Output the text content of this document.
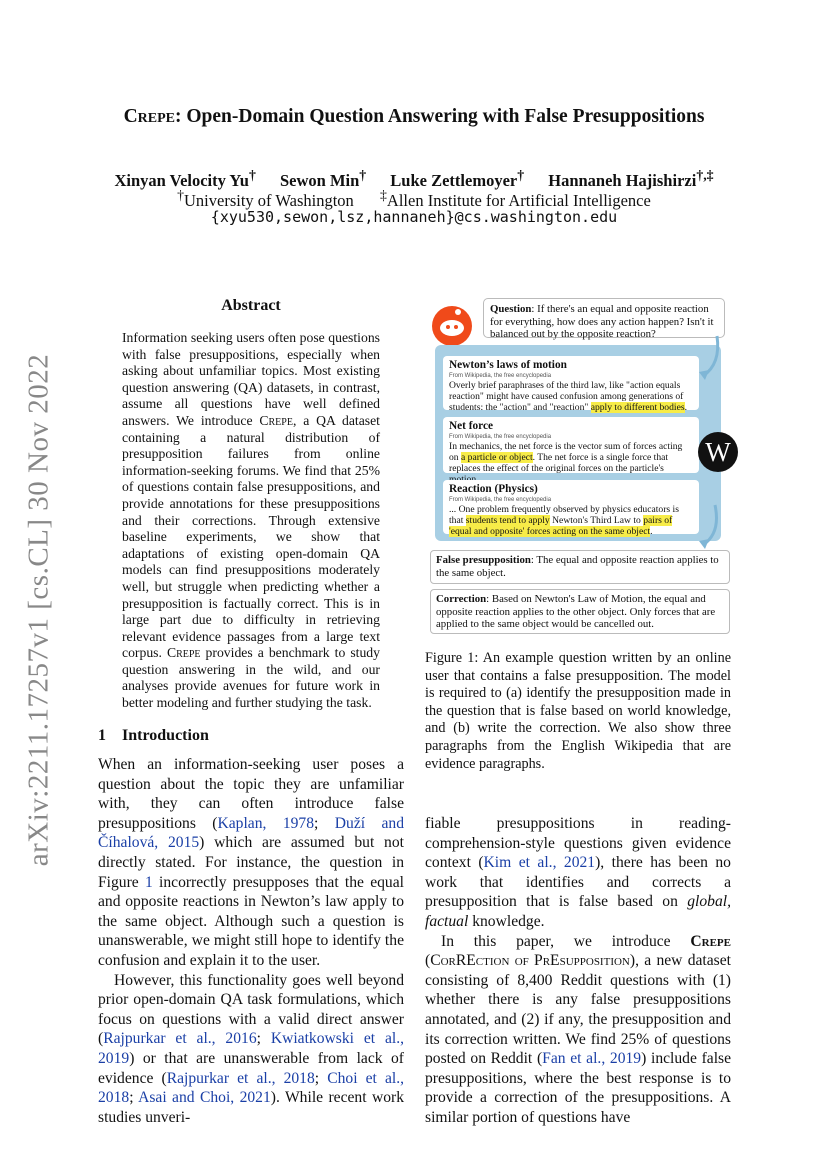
arXiv:2211.17257v1 [cs.CL] 30 Nov 2022
Crepe: Open-Domain Question Answering with False Presuppositions
Xinyan Velocity Yu† Sewon Min† Luke Zettlemoyer† Hannaneh Hajishirzi†,‡
†University of Washington ‡Allen Institute for Artificial Intelligence
{xyu530,sewon,lsz,hannaneh}@cs.washington.edu
Abstract
Information seeking users often pose questions with false presuppositions, especially when asking about unfamiliar topics. Most existing question answering (QA) datasets, in contrast, assume all questions have well defined answers. We introduce Crepe, a QA dataset containing a natural distribution of presupposition failures from online information-seeking forums. We find that 25% of questions contain false presuppositions, and provide annotations for these presuppositions and their corrections. Through extensive baseline experiments, we show that adaptations of existing open-domain QA models can find presuppositions moderately well, but struggle when predicting whether a presupposition is factually correct. This is in large part due to difficulty in retrieving relevant evidence passages from a large text corpus. Crepe provides a benchmark to study question answering in the wild, and our analyses provide avenues for future work in better modeling and further studying the task.
1 Introduction

When an information-seeking user poses a question about the topic they are unfamiliar with, they can often introduce false presuppositions (Kaplan, 1978; Duží and Číhalová, 2015) which are assumed but not directly stated. For instance, the question in Figure 1 incorrectly presupposes that the equal and opposite reactions in Newton’s law apply to the same object. Although such a question is unanswerable, we might still hope to identify the confusion and explain it to the user.

However, this functionality goes well beyond prior open-domain QA task formulations, which focus on questions with a valid direct answer (Rajpurkar et al., 2016; Kwiatkowski et al., 2019) or that are unanswerable from lack of evidence (Rajpurkar et al., 2018; Choi et al., 2018; Asai and Choi, 2021). While recent work studies unveri-

Question: If there's an equal and opposite reaction for everything, how does any action happen? Isn't it balanced out by the opposite reaction?
Newton’s laws of motion
From Wikipedia, the free encyclopedia
Overly brief paraphrases of the third law, like "action equals reaction" might have caused confusion among generations of students: the "action" and "reaction" apply to different bodies.
Net force
From Wikipedia, the free encyclopedia
In mechanics, the net force is the vector sum of forces acting on a particle or object. The net force is a single force that replaces the effect of the original forces on the particle's
Reaction (Physics)
From Wikipedia, the free encyclopedia
... One problem frequently observed by physics educators is that students tend to apply Newton's Third Law to pairs of 'equal and opposite' forces acting on the same object.
W
False presupposition: The equal and opposite reaction applies to the same object.
Correction: Based on Newton's Law of Motion, the equal and opposite reaction applies to the other object. Only forces that are applied to the same object would be cancelled out.
Figure 1: An example question written by an online user that contains a false presupposition. The model is required to (a) identify the presupposition made in the question that is false based on world knowledge, and (b) write the correction. We also show three paragraphs from the English Wikipedia that are evidence paragraphs.

fiable presuppositions in reading-comprehension-style questions given evidence context (Kim et al., 2021), there has been no work that identifies and corrects a presupposition that is false based on global, factual knowledge.

In this paper, we introduce Crepe (CorREction of PrEsupposition), a new dataset consisting of 8,400 Reddit questions with (1) whether there is any false presuppositions annotated, and (2) if any, the presupposition and its correction written. We find 25% of questions posted on Reddit (Fan et al., 2019) include false presuppositions, where the best response is to provide a correction of the presuppositions. A similar portion of questions have
